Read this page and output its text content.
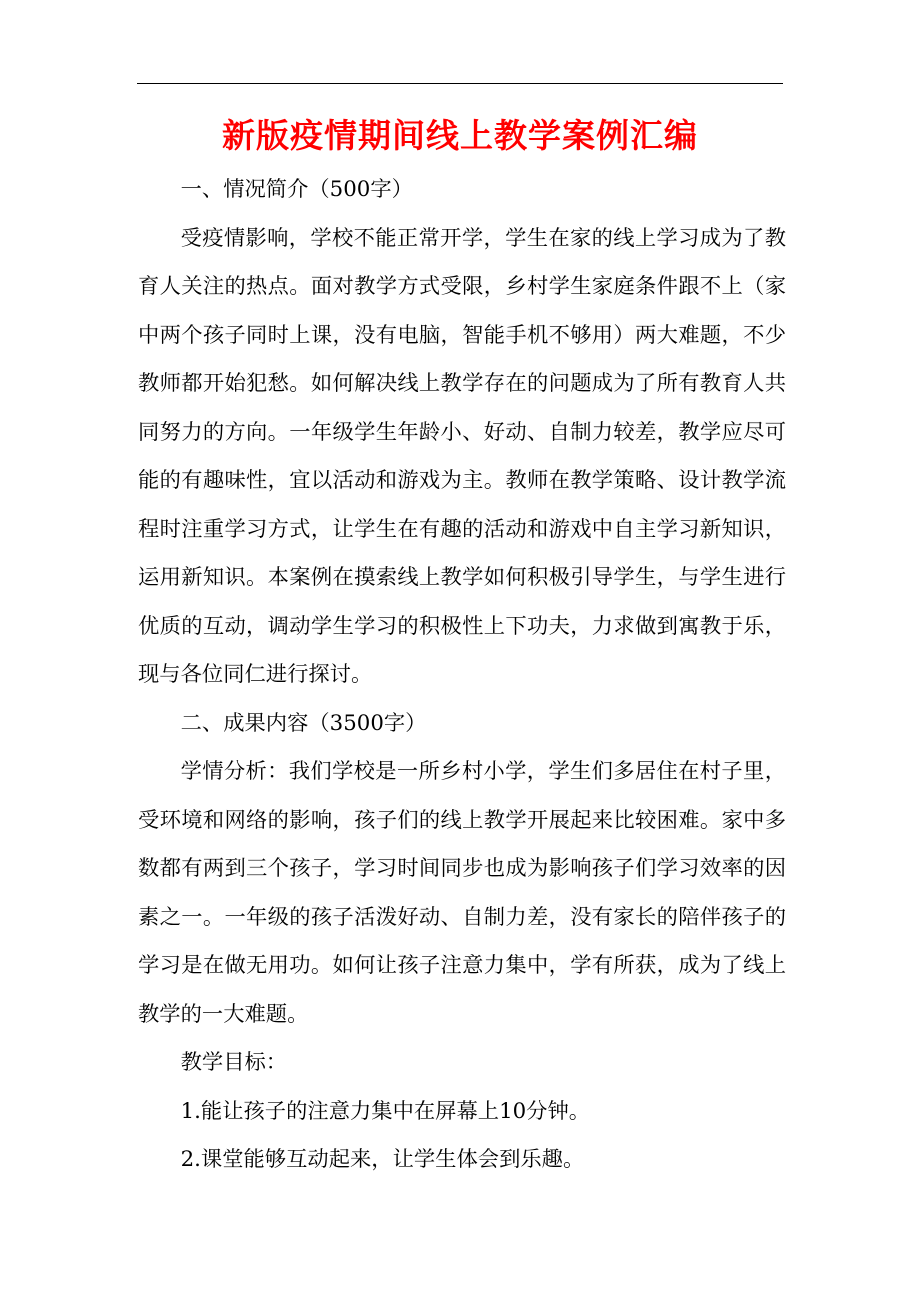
新版疫情期间线上教学案例汇编

一、情况简介（500字）

受疫情影响，学校不能正常开学，学生在家的线上学习成为了教育人关注的热点。面对教学方式受限，乡村学生家庭条件跟不上（家中两个孩子同时上课，没有电脑，智能手机不够用）两大难题，不少教师都开始犯愁。如何解决线上教学存在的问题成为了所有教育人共同努力的方向。一年级学生年龄小、好动、自制力较差，教学应尽可能的有趣味性，宜以活动和游戏为主。教师在教学策略、设计教学流程时注重学习方式，让学生在有趣的活动和游戏中自主学习新知识，运用新知识。本案例在摸索线上教学如何积极引导学生，与学生进行优质的互动，调动学生学习的积极性上下功夫，力求做到寓教于乐，现与各位同仁进行探讨。

二、成果内容（3500字）

学情分析：我们学校是一所乡村小学，学生们多居住在村子里，受环境和网络的影响，孩子们的线上教学开展起来比较困难。家中多数都有两到三个孩子，学习时间同步也成为影响孩子们学习效率的因素之一。一年级的孩子活泼好动、自制力差，没有家长的陪伴孩子的学习是在做无用功。如何让孩子注意力集中，学有所获，成为了线上教学的一大难题。

教学目标：

1.能让孩子的注意力集中在屏幕上10分钟。

2.课堂能够互动起来，让学生体会到乐趣。
